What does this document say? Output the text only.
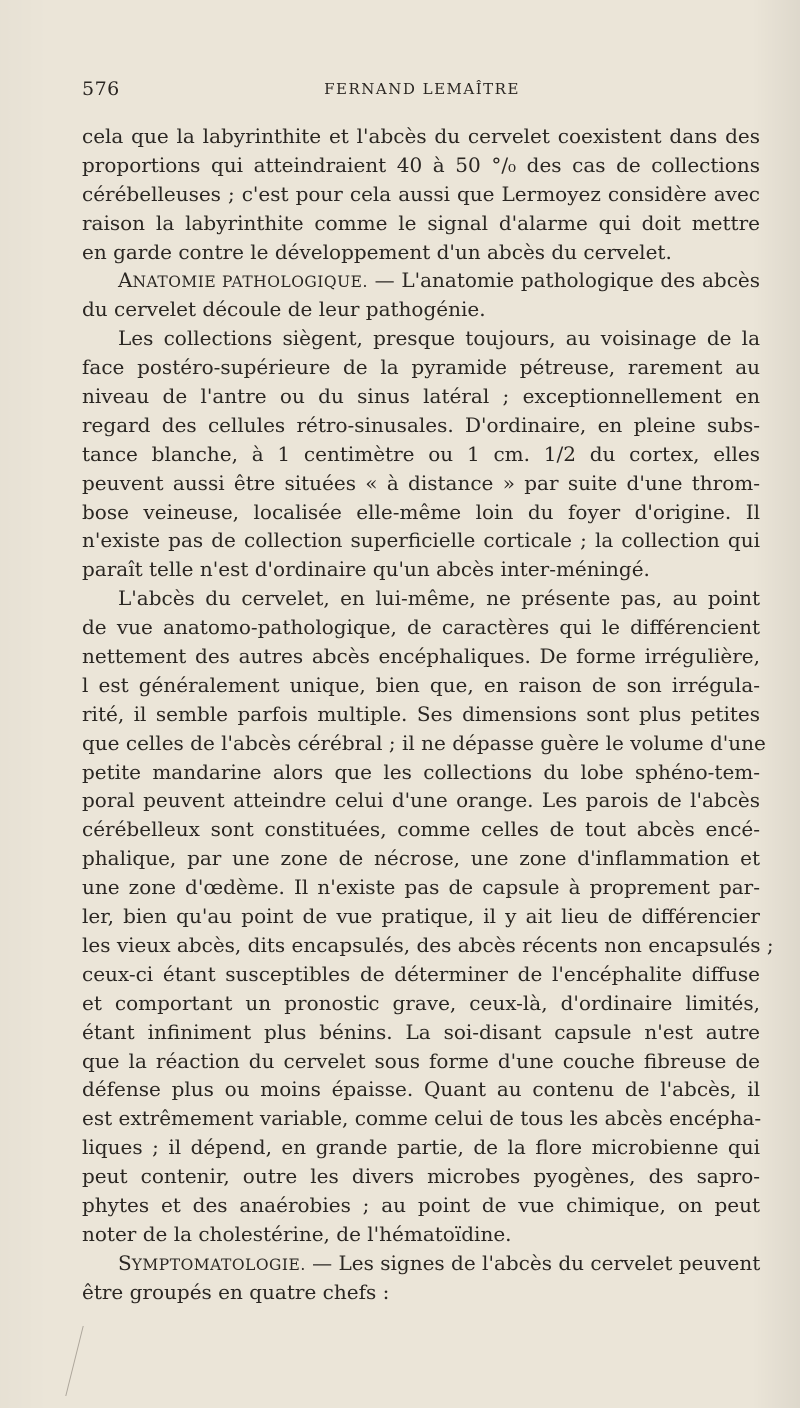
576	FERNAND LEMAÎTRE
cela que la labyrinthite et l'abcès du cervelet coexistent dans des
proportions qui atteindraient 40 à 50 °/₀ des cas de collections
cérébelleuses ; c'est pour cela aussi que Lermoyez considère avec
raison la labyrinthite comme le signal d'alarme qui doit mettre
en garde contre le développement d'un abcès du cervelet.
ANATOMIE PATHOLOGIQUE. — L'anatomie pathologique des abcès
du cervelet découle de leur pathogénie.
Les collections siègent, presque toujours, au voisinage de la
face postéro-supérieure de la pyramide pétreuse, rarement au
niveau de l'antre ou du sinus latéral ; exceptionnellement en
regard des cellules rétro-sinusales. D'ordinaire, en pleine subs-
tance blanche, à 1 centimètre ou 1 cm. 1/2 du cortex, elles
peuvent aussi être situées « à distance » par suite d'une throm-
bose veineuse, localisée elle-même loin du foyer d'origine. Il
n'existe pas de collection superficielle corticale ; la collection qui
paraît telle n'est d'ordinaire qu'un abcès inter-méningé.
L'abcès du cervelet, en lui-même, ne présente pas, au point
de vue anatomo-pathologique, de caractères qui le différencient
nettement des autres abcès encéphaliques. De forme irrégulière,
l est généralement unique, bien que, en raison de son irrégula-
rité, il semble parfois multiple. Ses dimensions sont plus petites
que celles de l'abcès cérébral ; il ne dépasse guère le volume d'une
petite mandarine alors que les collections du lobe sphéno-tem-
poral peuvent atteindre celui d'une orange. Les parois de l'abcès
cérébelleux sont constituées, comme celles de tout abcès encé-
phalique, par une zone de nécrose, une zone d'inflammation et
une zone d'œdème. Il n'existe pas de capsule à proprement par-
ler, bien qu'au point de vue pratique, il y ait lieu de différencier
les vieux abcès, dits encapsulés, des abcès récents non encapsulés ;
ceux-ci étant susceptibles de déterminer de l'encéphalite diffuse
et comportant un pronostic grave, ceux-là, d'ordinaire limités,
étant infiniment plus bénins. La soi-disant capsule n'est autre
que la réaction du cervelet sous forme d'une couche fibreuse de
défense plus ou moins épaisse. Quant au contenu de l'abcès, il
est extrêmement variable, comme celui de tous les abcès encépha-
liques ; il dépend, en grande partie, de la flore microbienne qui
peut contenir, outre les divers microbes pyogènes, des sapro-
phytes et des anaérobies ; au point de vue chimique, on peut
noter de la cholestérine, de l'hématoïdine.
SYMPTOMATOLOGIE. — Les signes de l'abcès du cervelet peuvent
être groupés en quatre chefs :
